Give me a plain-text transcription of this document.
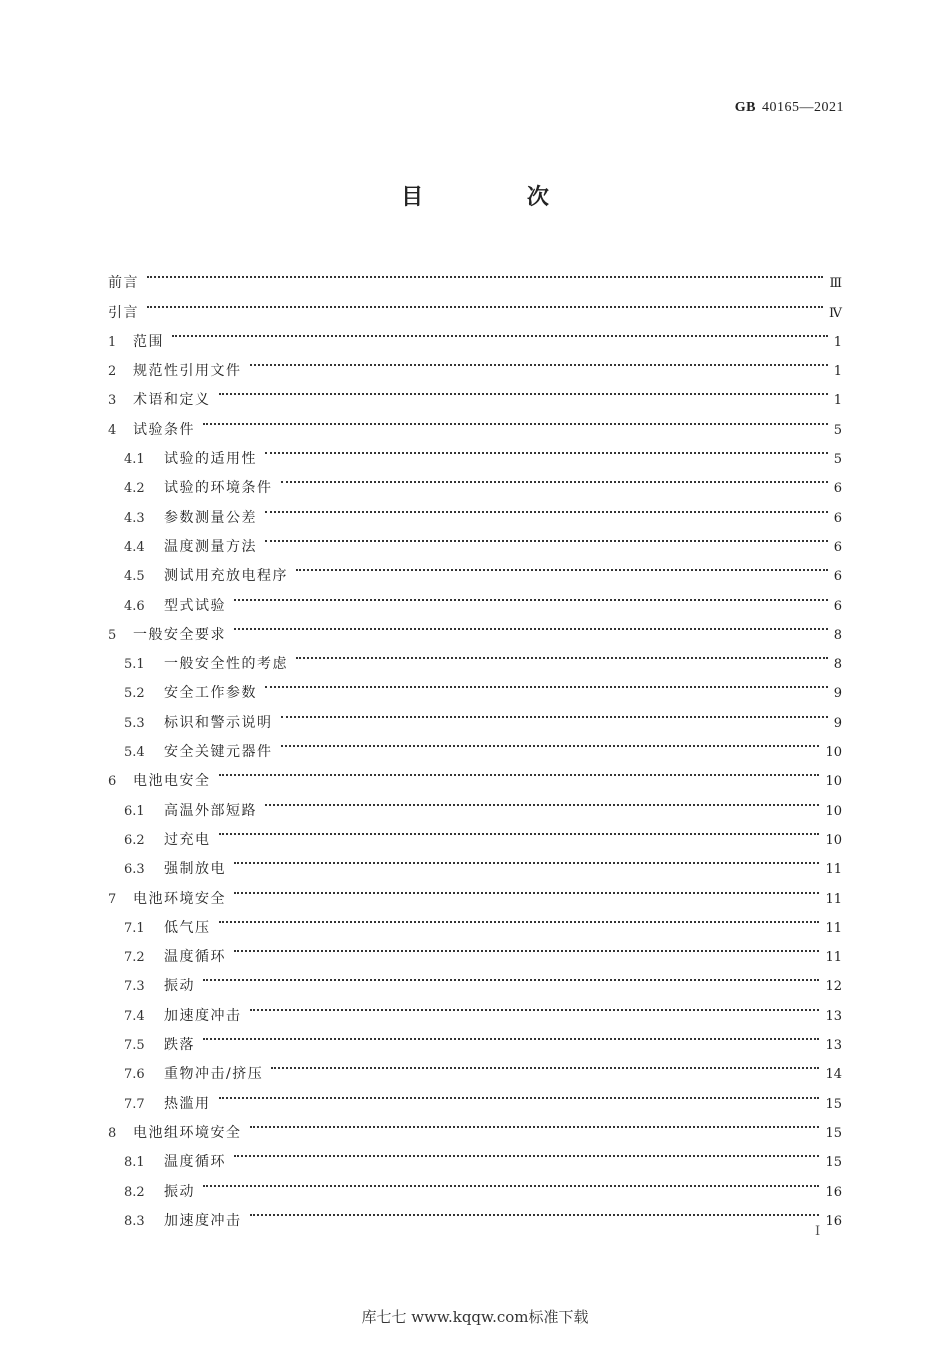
GB 40165—2021
目 次
前言	Ⅲ
引言	Ⅳ
1	范围	1
2	规范性引用文件	1
3	术语和定义	1
4	试验条件	5
4.1	试验的适用性	5
4.2	试验的环境条件	6
4.3	参数测量公差	6
4.4	温度测量方法	6
4.5	测试用充放电程序	6
4.6	型式试验	6
5	一般安全要求	8
5.1	一般安全性的考虑	8
5.2	安全工作参数	9
5.3	标识和警示说明	9
5.4	安全关键元器件	10
6	电池电安全	10
6.1	高温外部短路	10
6.2	过充电	10
6.3	强制放电	11
7	电池环境安全	11
7.1	低气压	11
7.2	温度循环	11
7.3	振动	12
7.4	加速度冲击	13
7.5	跌落	13
7.6	重物冲击/挤压	14
7.7	热滥用	15
8	电池组环境安全	15
8.1	温度循环	15
8.2	振动	16
8.3	加速度冲击	16
I
库七七 www.kqqw.com标准下载
